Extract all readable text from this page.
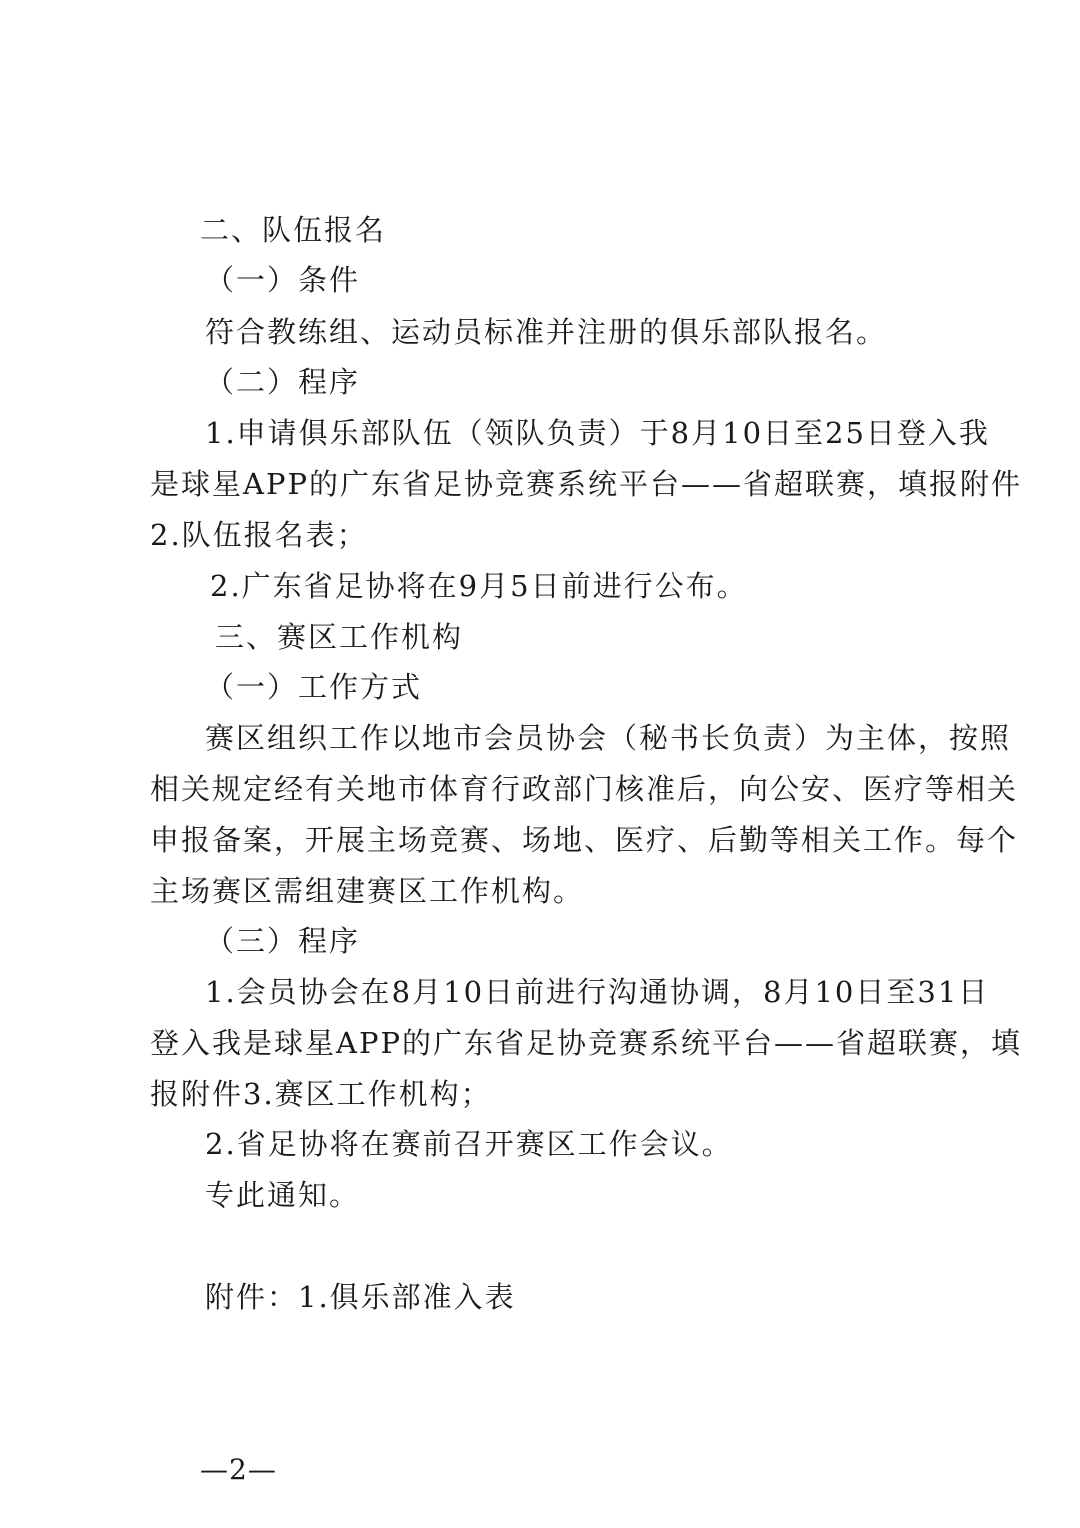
二、队伍报名
（一）条件
符合教练组、运动员标准并注册的俱乐部队报名。
（二）程序
1.申请俱乐部队伍（领队负责）于8月10日至25日登入我
是球星APP的广东省足协竞赛系统平台——省超联赛，填报附件
2.队伍报名表；
2.广东省足协将在9月5日前进行公布。
三、赛区工作机构
（一）工作方式
赛区组织工作以地市会员协会（秘书长负责）为主体，按照
相关规定经有关地市体育行政部门核准后，向公安、医疗等相关
申报备案，开展主场竞赛、场地、医疗、后勤等相关工作。每个
主场赛区需组建赛区工作机构。
（三）程序
1.会员协会在8月10日前进行沟通协调，8月10日至31日
登入我是球星APP的广东省足协竞赛系统平台——省超联赛，填
报附件3.赛区工作机构；
2.省足协将在赛前召开赛区工作会议。
专此通知。
附件：1.俱乐部准入表
—2—
